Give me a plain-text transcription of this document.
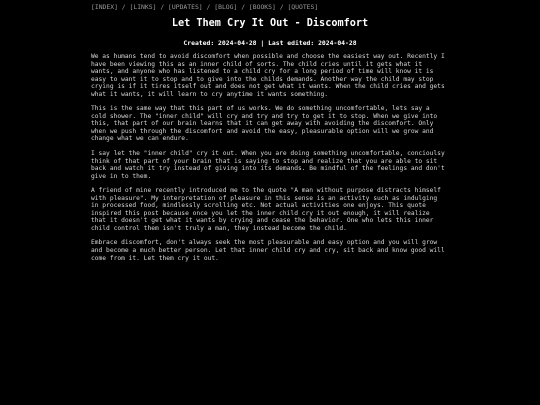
[INDEX] / [LINKS] / [UPDATES] / [BLOG] / [BOOKS] / [QUOTES]
Let Them Cry It Out - Discomfort
Created: 2024-04-28 | Last edited: 2024-04-28

We as humans tend to avoid discomfort when possible and choose the easiest way out. Recently I have been viewing this as an inner child of sorts. The child cries until it gets what it wants, and anyone who has listened to a child cry for a long period of time will know it is easy to want it to stop and to give into the childs demands. Another way the child may stop crying is if it tires itself out and does not get what it wants. When the child cries and gets what it wants, it will learn to cry anytime it wants something.

This is the same way that this part of us works. We do something uncomfortable, lets say a cold shower. The "inner child" will cry and try and try to get it to stop. When we give into this, that part of our brain learns that it can get away with avoiding the discomfort. Only when we push through the discomfort and avoid the easy, pleasurable option will we grow and change what we can endure.

I say let the "inner child" cry it out. When you are doing something uncomfortable, concioulsy think of that part of your brain that is saying to stop and realize that you are able to sit back and watch it try instead of giving into its demands. Be mindful of the feelings and don't give in to them.

A friend of mine recently introduced me to the quote "A man without purpose distracts himself with pleasure". My interpretation of pleasure in this sense is an activity such as indulging in processed food, mindlessly scrolling etc. Not actual activities one enjoys. This quote inspired this post because once you let the inner child cry it out enough, it will realize that it doesn't get what it wants by crying and cease the behavior. One who lets this inner child control them isn't truly a man, they instead become the child.

Embrace discomfort, don't always seek the most pleasurable and easy option and you will grow and become a much better person. Let that inner child cry and cry, sit back and know good will come from it. Let them cry it out.
